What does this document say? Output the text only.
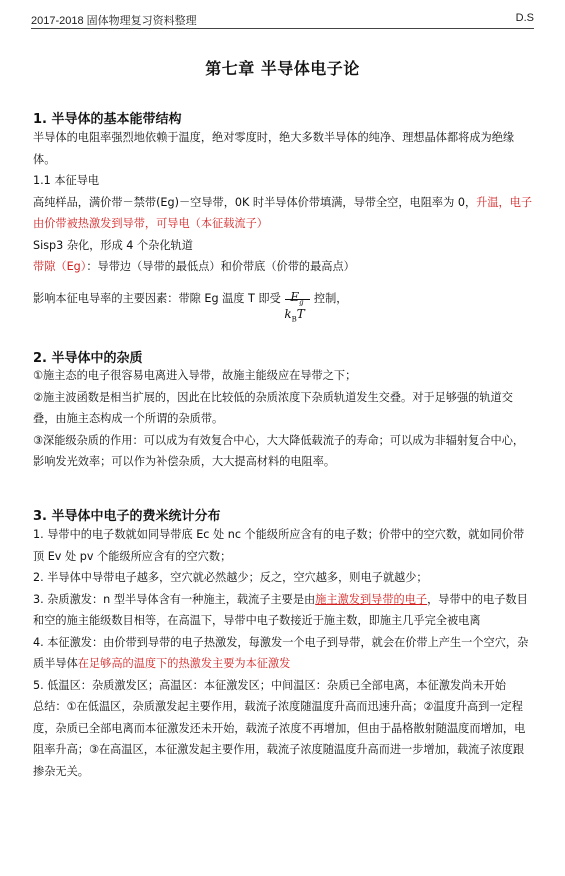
2017-2018 固体物理复习资料整理	D.S
第七章 半导体电子论
1. 半导体的基本能带结构

半导体的电阻率强烈地依赖于温度，绝对零度时，绝大多数半导体的纯净、理想晶体都将成为绝缘体。

1.1 本征导电

高纯样品，满价带－禁带(Eg)－空导带，0K 时半导体价带填满，导带全空，电阻率为 0，升温，电子由价带被热激发到导带，可导电（本征载流子）

Sisp3 杂化，形成 4 个杂化轨道

带隙（Eg）：导带边（导带的最低点）和价带底（价带的最高点）

影响本征电导率的主要因素：带隙 Eg 温度 T 即受 $E_g$
$k_BT$
控制，

2. 半导体中的杂质

①施主态的电子很容易电离进入导带，故施主能级应在导带之下；

②施主波函数是相当扩展的，因此在比较低的杂质浓度下杂质轨道发生交叠。对于足够强的轨道交叠，由施主态构成一个所谓的杂质带。

③深能级杂质的作用：可以成为有效复合中心，大大降低载流子的寿命；可以成为非辐射复合中心，影响发光效率；可以作为补偿杂质，大大提高材料的电阻率。

3. 半导体中电子的费米统计分布

1. 导带中的电子数就如同导带底 Ec 处 nc 个能级所应含有的电子数；价带中的空穴数，就如同价带顶 Ev 处 pv 个能级所应含有的空穴数；

2. 半导体中导带电子越多，空穴就必然越少；反之，空穴越多，则电子就越少；

3. 杂质激发：n 型半导体含有一种施主，载流子主要是由施主激发到导带的电子，导带中的电子数目和空的施主能级数目相等，在高温下，导带中电子数接近于施主数，即施主几乎完全被电离

4. 本征激发：由价带到导带的电子热激发，每激发一个电子到导带，就会在价带上产生一个空穴，杂质半导体在足够高的温度下的热激发主要为本征激发

5. 低温区：杂质激发区；高温区：本征激发区；中间温区：杂质已全部电离，本征激发尚未开始

总结：①在低温区，杂质激发起主要作用，载流子浓度随温度升高而迅速升高；②温度升高到一定程度，杂质已全部电离而本征激发还未开始，载流子浓度不再增加，但由于晶格散射随温度而增加，电阻率升高；③在高温区，本征激发起主要作用，载流子浓度随温度升高而进一步增加，载流子浓度跟掺杂无关。
